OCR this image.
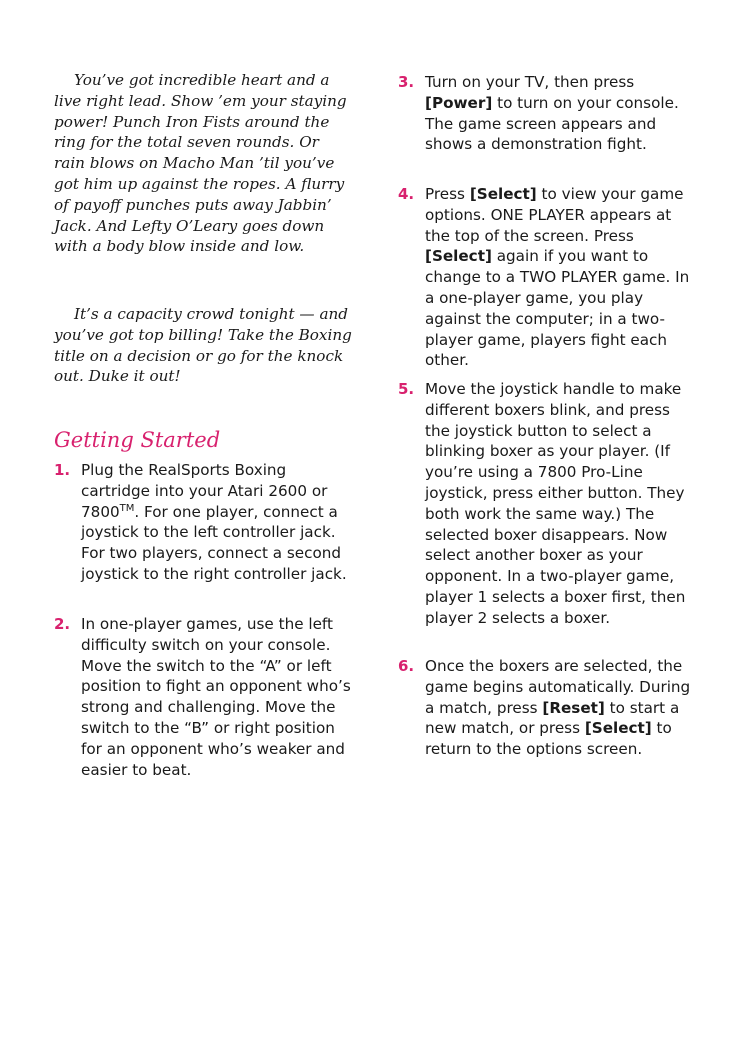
You’ve got incredible heart and a live right lead. Show ’em your staying power! Punch Iron Fists around the ring for the total seven rounds. Or rain blows on Macho Man ’til you’ve got him up against the ropes. A flurry of payoff punches puts away Jabbin’ Jack. And Lefty O’Leary goes down with a body blow inside and low.

It’s a capacity crowd tonight — and you’ve got top billing! Take the Boxing title on a decision or go for the knock out. Duke it out!

Getting Started
1. Plug the RealSports Boxing cartridge into your Atari 2600 or 7800™. For one player, connect a joystick to the left controller jack. For two players, connect a second joystick to the right controller jack.
2. In one-player games, use the left difficulty switch on your console. Move the switch to the “A” or left position to fight an opponent who’s strong and challenging. Move the switch to the “B” or right position for an opponent who’s weaker and easier to beat.
3. Turn on your TV, then press [Power] to turn on your console. The game screen appears and shows a demonstration fight.
4. Press [Select] to view your game options. ONE PLAYER appears at the top of the screen. Press [Select] again if you want to change to a TWO PLAYER game. In a one-player game, you play against the computer; in a two-player game, players fight each other.
5. Move the joystick handle to make different boxers blink, and press the joystick button to select a blinking boxer as your player. (If you’re using a 7800 Pro-Line joystick, press either button. They both work the same way.) The selected boxer disappears. Now select another boxer as your opponent. In a two-player game, player 1 selects a boxer first, then player 2 selects a boxer.
6. Once the boxers are selected, the game begins automatically. During a match, press [Reset] to start a new match, or press [Select] to return to the options screen.
